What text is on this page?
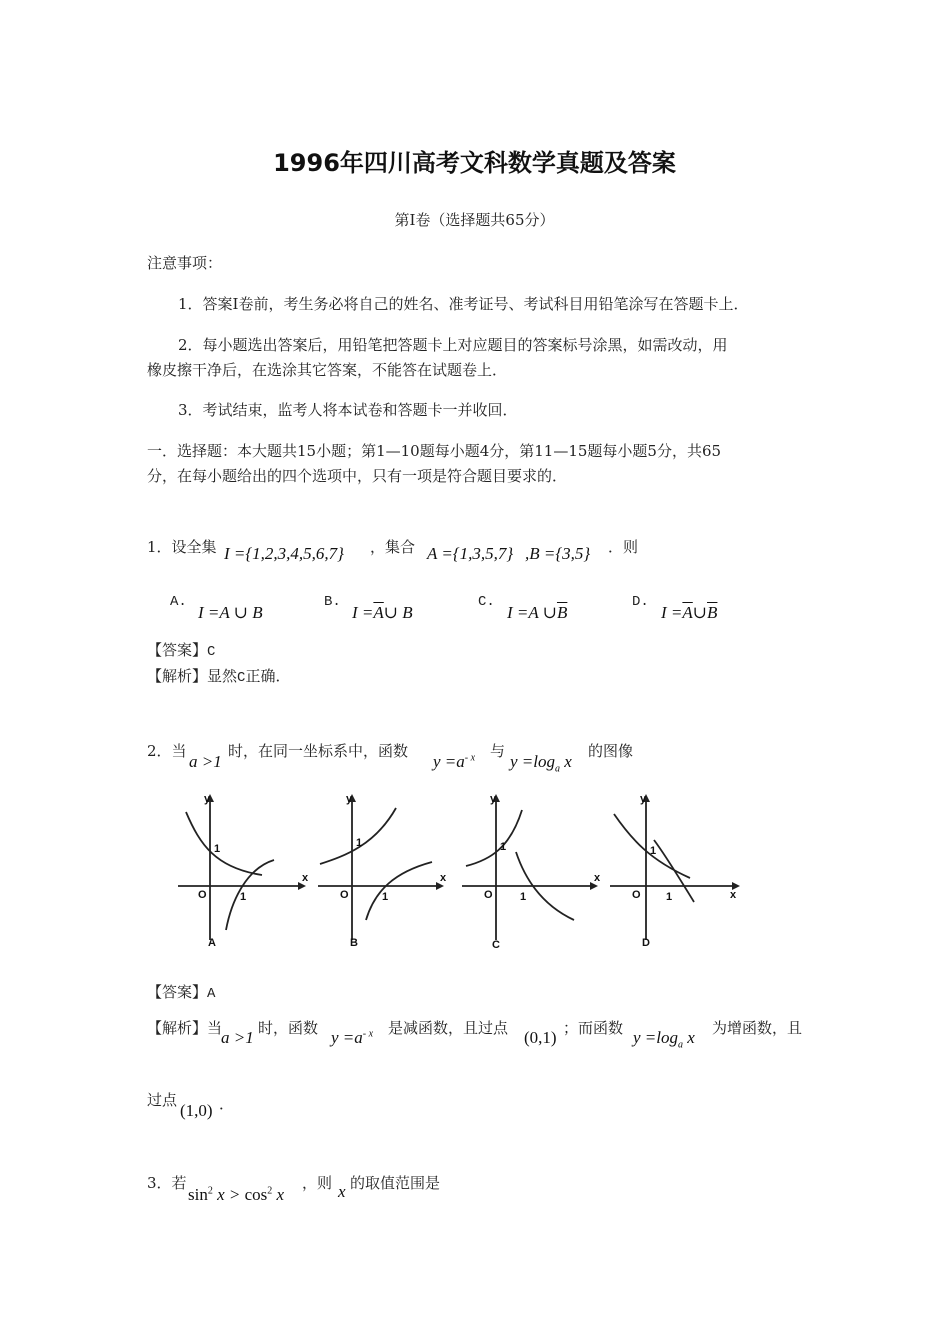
1996年四川高考文科数学真题及答案
第Ⅰ卷（选择题共65分）
注意事项：
1．答案Ⅰ卷前，考生务必将自己的姓名、准考证号、考试科目用铅笔涂写在答题卡上．
2．每小题选出答案后，用铅笔把答题卡上对应题目的答案标号涂黑，如需改动，用
橡皮擦干净后，在选涂其它答案，不能答在试题卷上．
3．考试结束，监考人将本试卷和答题卡一并收回．
一．选择题：本大题共15小题；第1—10题每小题4分，第11—15题每小题5分，共65
分，在每小题给出的四个选项中，只有一项是符合题目要求的．
1．设全集 I ={1,2,3,4,5,6,7} ，集合 A ={1,3,5,7} ,B ={3,5} ．则
A.
I =A ∪ B
B.
$I =\overline{A}\cup$ B
C.
I =A $\cup\overline{B}$
D.
$I =\overline{A}\cup\overline{B}$
【答案】C
【解析】显然C正确．
2．当
a >1
时，在同一坐标系中，函数
$y =a^{- x}$ 与
$y =\log_a$ x
的图像
y
x
O
1
1
A
y
x
O
1
1
B
y
x
O
1
1
C
y
x
O
1
1
D
【答案】A
【解析】当
a >1 时，函数 $y =a^{- x}$ 是减函数，且过点 (0,1) ；而函数 $y =\log_a$ x 为增函数，且
过点
(1,0) ．
3．若
$\sin^2 x > \cos^2 x$
，则 x 的取值范围是
